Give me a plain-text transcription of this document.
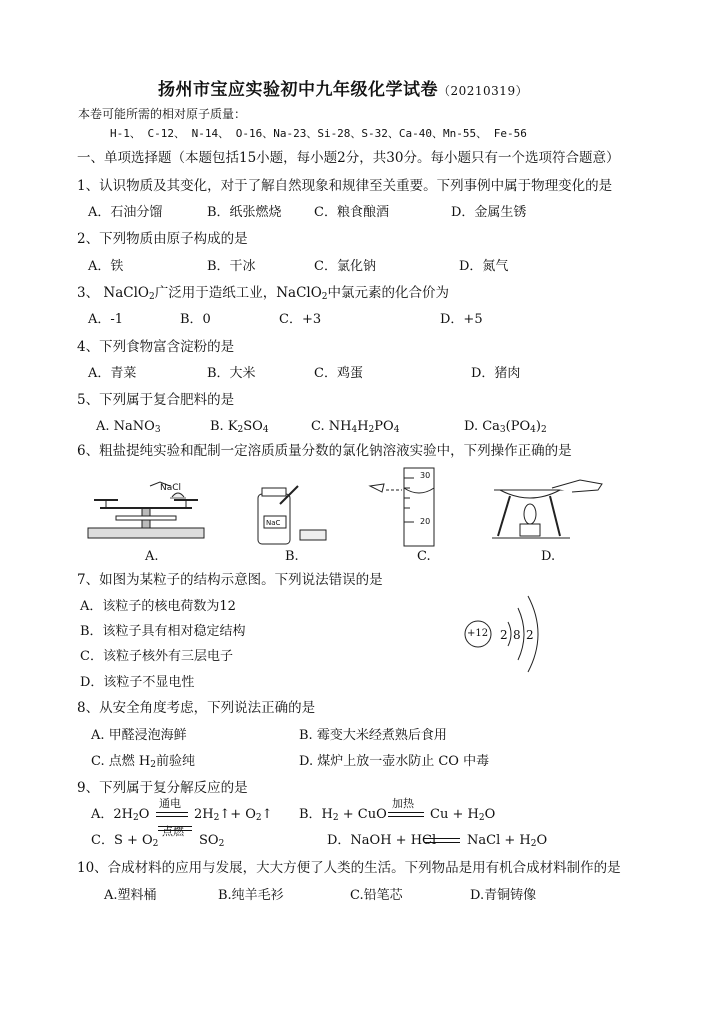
扬州市宝应实验初中九年级化学试卷（20210319）
本卷可能所需的相对原子质量：
H-1、 C-12、 N-14、 O-16、Na-23、Si-28、S-32、Ca-40、Mn-55、 Fe-56
一、单项选择题（本题包括15小题，每小题2分，共30分。每小题只有一个选项符合题意）
1、认识物质及其变化，对于了解自然现象和规律至关重要。下列事例中属于物理变化的是
A．石油分馏	B．纸张燃烧 C．粮食酿酒	D．金属生锈
2、下列物质由原子构成的是
A．铁	B．干冰	C．氯化钠	D．氮气
3、 NaClO$_2$广泛用于造纸工业，NaClO$_2$中氯元素的化合价为
A．-1	B．0	C．+3	D．+5
4、下列食物富含淀粉的是
A．青菜	B．大米	C．鸡蛋	D．猪肉
5、下列属于复合肥料的是
A. NaNO$_3$	B. $K_2SO_4$	C. $NH_4H_2PO_4$	D. $Ca_3(PO_4)_2$
6、粗盐提纯实验和配制一定溶质质量分数的氯化钠溶液实验中，下列操作正确的是
NaCl
NaC
30
20
A.	B.	C.	D.
7、如图为某粒子的结构示意图。下列说法错误的是
A．该粒子的核电荷数为12
B．该粒子具有相对稳定结构
C．该粒子核外有三层电子
D．该粒子不显电性
+12 2 8 2
8、从安全角度考虑，下列说法正确的是
A. 甲醛浸泡海鲜	B. 霉变大米经煮熟后食用
C. 点燃 $H_2$前验纯	D. 煤炉上放一壶水防止 CO 中毒
9、下列属于复分解反应的是
A．$2H_2O$
通电
$2H_2↑+$ $O_2↑$ B．$H_2$ + CuO
加热
$Cu + H_2O$
C．$S + O_2$
点燃
$SO_2$	D．NaOH + HCl NaCl + $H_2O$
10、合成材料的应用与发展，大大方便了人类的生活。下列物品是用有机合成材料制作的是
A.塑料桶	B.纯羊毛衫	C.铅笔芯	D.青铜铸像
